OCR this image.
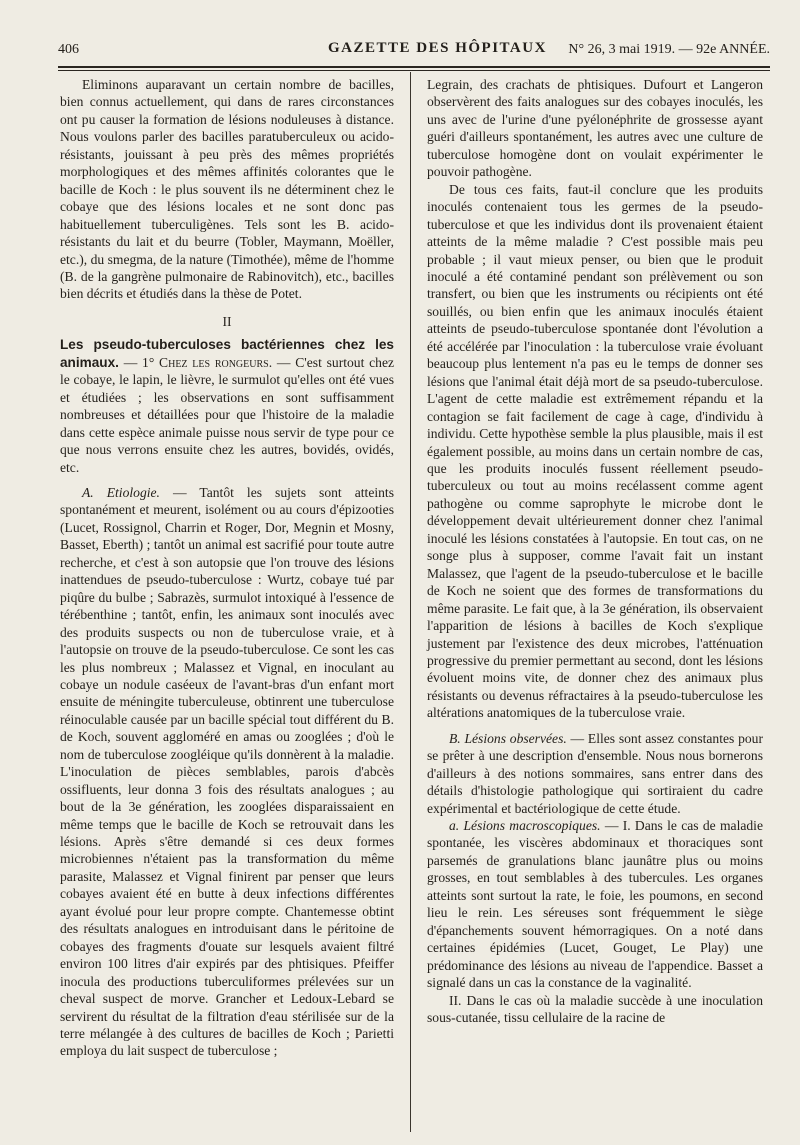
406	GAZETTE DES HÔPITAUX N° 26, 3 mai 1919. — 92e ANNÉE.

Eliminons auparavant un certain nombre de bacilles, bien connus actuellement, qui dans de rares circonstances ont pu causer la formation de lésions noduleuses à distance. Nous voulons parler des bacilles paratuberculeux ou acido-résistants, jouissant à peu près des mêmes propriétés morphologiques et des mêmes affinités colorantes que le bacille de Koch : le plus souvent ils ne déterminent chez le cobaye que des lésions locales et ne sont donc pas habituellement tuberculigènes. Tels sont les B. acido-résistants du lait et du beurre (Tobler, Maymann, Moëller, etc.), du smegma, de la nature (Timothée), même de l'homme (B. de la gangrène pulmonaire de Rabinovitch), etc., bacilles bien décrits et étudiés dans la thèse de Potet.

II

Les pseudo-tuberculoses bactériennes chez les animaux. — 1° Chez les rongeurs. — C'est surtout chez le cobaye, le lapin, le lièvre, le surmulot qu'elles ont été vues et étudiées ; les observations en sont suffisamment nombreuses et détaillées pour que l'histoire de la maladie dans cette espèce animale puisse nous servir de type pour ce que nous verrons ensuite chez les autres, bovidés, ovidés, etc.

A. Etiologie. — Tantôt les sujets sont atteints spontanément et meurent, isolément ou au cours d'épizooties (Lucet, Rossignol, Charrin et Roger, Dor, Megnin et Mosny, Basset, Eberth) ; tantôt un animal est sacrifié pour toute autre recherche, et c'est à son autopsie que l'on trouve des lésions inattendues de pseudo-tuberculose : Wurtz, cobaye tué par piqûre du bulbe ; Sabrazès, surmulot intoxiqué à l'essence de térébenthine ; tantôt, enfin, les animaux sont inoculés avec des produits suspects ou non de tuberculose vraie, et à l'autopsie on trouve de la pseudo-tuberculose. Ce sont les cas les plus nombreux ; Malassez et Vignal, en inoculant au cobaye un nodule caséeux de l'avant-bras d'un enfant mort ensuite de méningite tuberculeuse, obtinrent une tuberculose réinoculable causée par un bacille spécial tout différent du B. de Koch, souvent aggloméré en amas ou zooglées ; d'où le nom de tuberculose zoogléique qu'ils donnèrent à la maladie. L'inoculation de pièces semblables, parois d'abcès ossifluents, leur donna 3 fois des résultats analogues ; au bout de la 3e génération, les zooglées disparaissaient en même temps que le bacille de Koch se retrouvait dans les lésions. Après s'être demandé si ces deux formes microbiennes n'étaient pas la transformation du même parasite, Malassez et Vignal finirent par penser que leurs cobayes avaient été en butte à deux infections différentes ayant évolué pour leur propre compte. Chantemesse obtint des résultats analogues en introduisant dans le péritoine de cobayes des fragments d'ouate sur lesquels avaient filtré environ 100 litres d'air expirés par des phtisiques. Pfeiffer inocula des productions tuberculiformes prélevées sur un cheval suspect de morve. Grancher et Ledoux-Lebard se servirent du résultat de la filtration d'eau stérilisée sur de la terre mélangée à des cultures de bacilles de Koch ; Parietti employa du lait suspect de tuberculose ;

Legrain, des crachats de phtisiques. Dufourt et Langeron observèrent des faits analogues sur des cobayes inoculés, les uns avec de l'urine d'une pyélonéphrite de grossesse ayant guéri d'ailleurs spontanément, les autres avec une culture de tuberculose homogène dont on voulait expérimenter le pouvoir pathogène.

De tous ces faits, faut-il conclure que les produits inoculés contenaient tous les germes de la pseudo-tuberculose et que les individus dont ils provenaient étaient atteints de la même maladie ? C'est possible mais peu probable ; il vaut mieux penser, ou bien que le produit inoculé a été contaminé pendant son prélèvement ou son transfert, ou bien que les instruments ou récipients ont été souillés, ou bien enfin que les animaux inoculés étaient atteints de pseudo-tuberculose spontanée dont l'évolution a été accélérée par l'inoculation : la tuberculose vraie évoluant beaucoup plus lentement n'a pas eu le temps de donner ses lésions que l'animal était déjà mort de sa pseudo-tuberculose. L'agent de cette maladie est extrêmement répandu et la contagion se fait facilement de cage à cage, d'individu à individu. Cette hypothèse semble la plus plausible, mais il est également possible, au moins dans un certain nombre de cas, que les produits inoculés fussent réellement pseudo-tuberculeux ou tout au moins recélassent comme agent pathogène ou comme saprophyte le microbe dont le développement devait ultérieurement donner chez l'animal inoculé les lésions constatées à l'autopsie. En tout cas, on ne songe plus à supposer, comme l'avait fait un instant Malassez, que l'agent de la pseudo-tuberculose et le bacille de Koch ne soient que des formes de transformations du même parasite. Le fait que, à la 3e génération, ils observaient l'apparition de lésions à bacilles de Koch s'explique justement par l'existence des deux microbes, l'atténuation progressive du premier permettant au second, dont les lésions évoluent moins vite, de donner chez des animaux plus résistants ou devenus réfractaires à la pseudo-tuberculose les altérations anatomiques de la tuberculose vraie.

B. Lésions observées. — Elles sont assez constantes pour se prêter à une description d'ensemble. Nous nous bornerons d'ailleurs à des notions sommaires, sans entrer dans des détails d'histologie pathologique qui sortiraient du cadre expérimental et bactériologique de cette étude.

a. Lésions macroscopiques. — I. Dans le cas de maladie spontanée, les viscères abdominaux et thoraciques sont parsemés de granulations blanc jaunâtre plus ou moins grosses, en tout semblables à des tubercules. Les organes atteints sont surtout la rate, le foie, les poumons, en second lieu le rein. Les séreuses sont fréquemment le siège d'épanchements souvent hémorragiques. On a noté dans certaines épidémies (Lucet, Gouget, Le Play) une prédominance des lésions au niveau de l'appendice. Basset a signalé dans un cas la constance de la vaginalité.

II. Dans le cas où la maladie succède à une inoculation sous-cutanée, tissu cellulaire de la racine de
